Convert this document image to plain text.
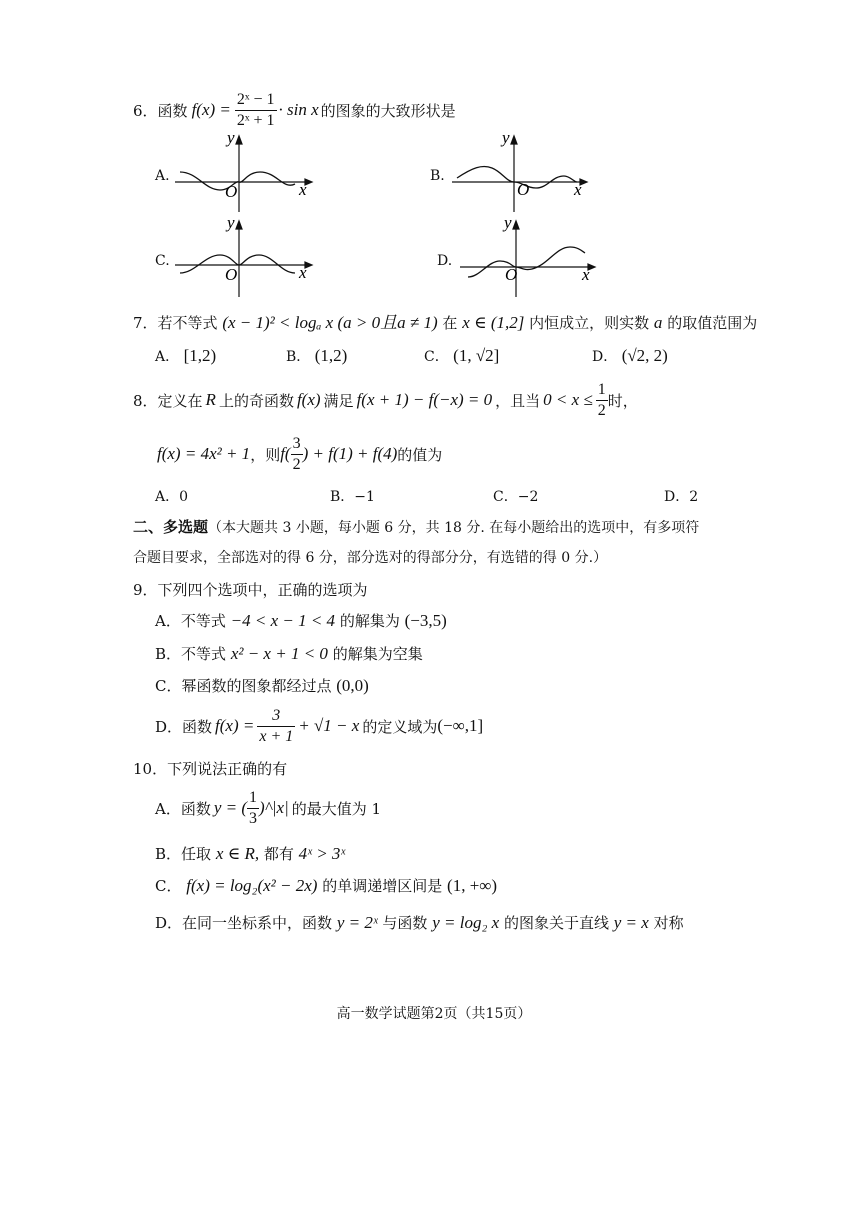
6． 函数 $f(x) = \frac{\text{2ˣ − 1}}{\text{2ˣ + 1}} \cdot \sin x$ 的图象的大致形状是
A.	B.
C.	D.
y
x
O
y
x
O
y
x
O
y
x
O
7．若不等式 (x − 1)² < logₐ x (a > 0且a ≠ 1) 在 x ∈ (1,2] 内恒成立，则实数 a 的取值范围为
A． [1,2)	B． (1,2)	C． (1, √2]	D． (√2, 2)
8．定义在 R 上的奇函数 f(x) 满足 f(x + 1) − f(−x) = 0 ，且当 $0 < x \le \frac{1}{2}$ 时，
f(x) = 4x² + 1 ，则 $f( \frac{3}{2}$ ) + f(1) + f(4) 的值为
A．0	B．−1	C．−2	D．2
二、多选题（本大题共 3 小题，每小题 6 分，共 18 分. 在每小题给出的选项中，有多项符
合题目要求，全部选对的得 6 分，部分选对的得部分分，有选错的得 0 分.）
9．下列四个选项中，正确的选项为
A．不等式 −4 < x − 1 < 4 的解集为 (−3,5)
B．不等式 x² − x + 1 < 0 的解集为空集
C．幂函数的图象都经过点 (0,0)
D．函数 $f(x) = \frac{3}{x + 1} + √1 - x$ 的定义域为 (−∞,1]
10．下列说法正确的有
A．函数 y = ( $\frac{1}{3}$ )^|x| 的最大值为 1
B．任取 x ∈ R, 都有 4ˣ > 3ˣ
C． f(x) = log₂(x² − 2x) 的单调递增区间是 (1, +∞)
D．在同一坐标系中，函数 y = 2ˣ 与函数 y = log₂ x 的图象关于直线 y = x 对称
高一数学试题第2页（共15页）
